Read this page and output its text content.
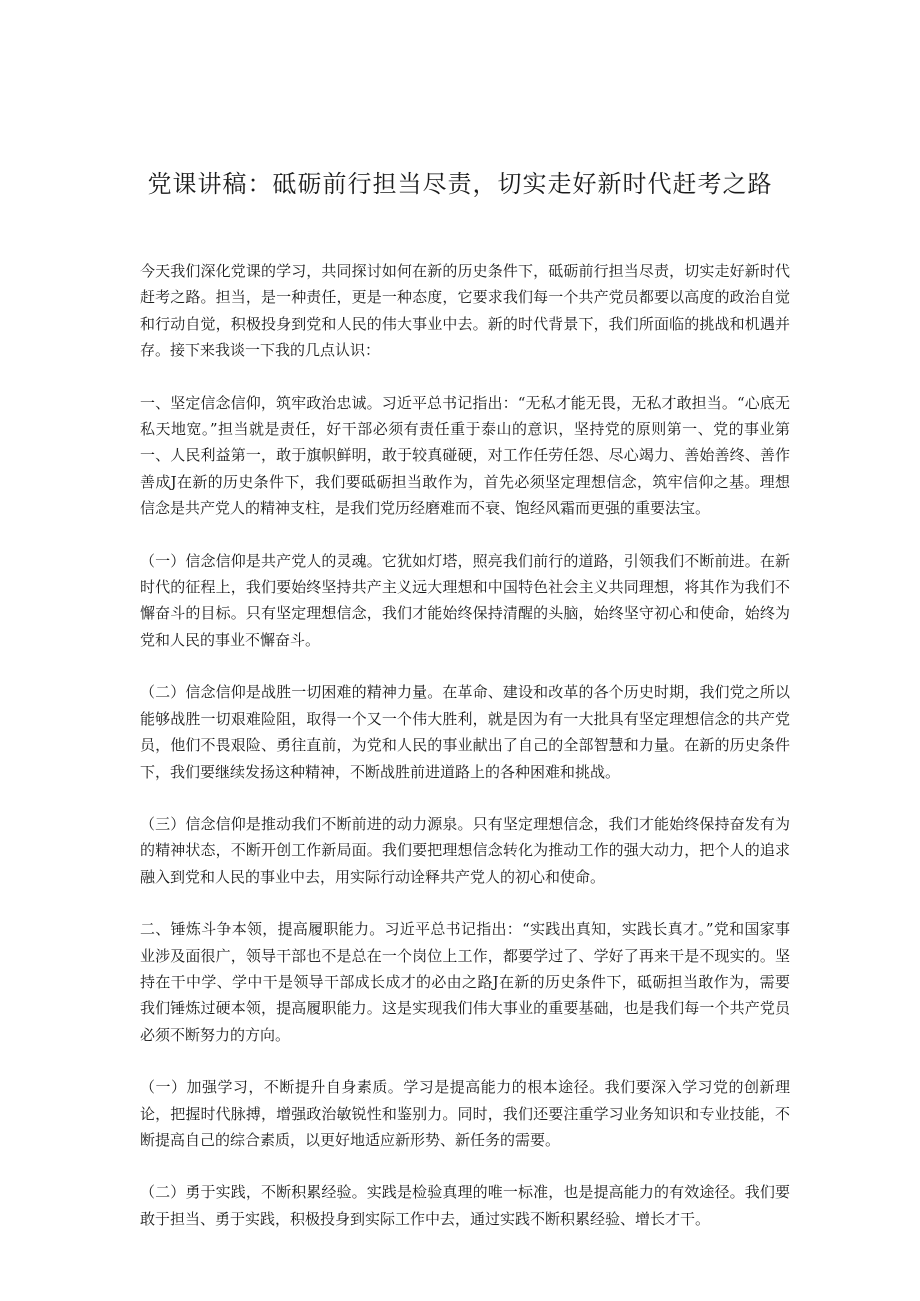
党课讲稿：砥砺前行担当尽责，切实走好新时代赶考之路

今天我们深化党课的学习，共同探讨如何在新的历史条件下，砥砺前行担当尽责，切实走好新时代赶考之路。担当，是一种责任，更是一种态度，它要求我们每一个共产党员都要以高度的政治自觉和行动自觉，积极投身到党和人民的伟大事业中去。新的时代背景下，我们所面临的挑战和机遇并存。接下来我谈一下我的几点认识：

一、坚定信念信仰，筑牢政治忠诚。习近平总书记指出：“无私才能无畏，无私才敢担当。“心底无私天地宽。”担当就是责任，好干部必须有责任重于泰山的意识，坚持党的原则第一、党的事业第一、人民利益第一，敢于旗帜鲜明，敢于较真碰硬，对工作任劳任怨、尽心竭力、善始善终、善作善成J在新的历史条件下，我们要砥砺担当敢作为，首先必须坚定理想信念，筑牢信仰之基。理想信念是共产党人的精神支柱，是我们党历经磨难而不衰、饱经风霜而更强的重要法宝。

（一）信念信仰是共产党人的灵魂。它犹如灯塔，照亮我们前行的道路，引领我们不断前进。在新时代的征程上，我们要始终坚持共产主义远大理想和中国特色社会主义共同理想，将其作为我们不懈奋斗的目标。只有坚定理想信念，我们才能始终保持清醒的头脑，始终坚守初心和使命，始终为党和人民的事业不懈奋斗。

（二）信念信仰是战胜一切困难的精神力量。在革命、建设和改革的各个历史时期，我们党之所以能够战胜一切艰难险阻，取得一个又一个伟大胜利，就是因为有一大批具有坚定理想信念的共产党员，他们不畏艰险、勇往直前，为党和人民的事业献出了自己的全部智慧和力量。在新的历史条件下，我们要继续发扬这种精神，不断战胜前进道路上的各种困难和挑战。

（三）信念信仰是推动我们不断前进的动力源泉。只有坚定理想信念，我们才能始终保持奋发有为的精神状态，不断开创工作新局面。我们要把理想信念转化为推动工作的强大动力，把个人的追求融入到党和人民的事业中去，用实际行动诠释共产党人的初心和使命。

二、锤炼斗争本领，提高履职能力。习近平总书记指出：“实践出真知，实践长真才。”党和国家事业涉及面很广，领导干部也不是总在一个岗位上工作，都要学过了、学好了再来干是不现实的。坚持在干中学、学中干是领导干部成长成才的必由之路J在新的历史条件下，砥砺担当敢作为，需要我们锤炼过硬本领，提高履职能力。这是实现我们伟大事业的重要基础，也是我们每一个共产党员必须不断努力的方向。

（一）加强学习，不断提升自身素质。学习是提高能力的根本途径。我们要深入学习党的创新理论，把握时代脉搏，增强政治敏锐性和鉴别力。同时，我们还要注重学习业务知识和专业技能，不断提高自己的综合素质，以更好地适应新形势、新任务的需要。

（二）勇于实践，不断积累经验。实践是检验真理的唯一标准，也是提高能力的有效途径。我们要敢于担当、勇于实践，积极投身到实际工作中去，通过实践不断积累经验、增长才干。
